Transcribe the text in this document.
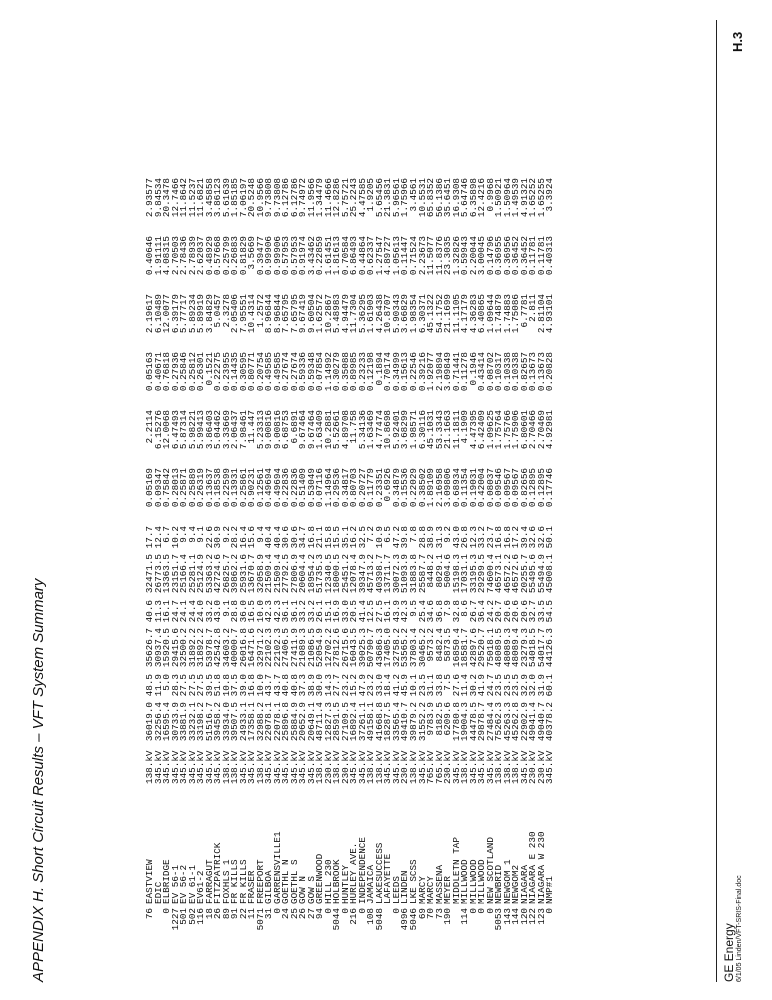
APPENDIX H. Short Circuit Results – VFT System Summary	76
EASTVIEW
138.kV
36019.0
48.5
35626.7
40.6
32471.5
17.7
0.05169
2.2114
0.05163
2.19617
0.40646
2.93577
EDIC
345.kV
32256.4
11.9
30937.4
11.3
26773.5
12.4
0.09347
6.15276
0.40671
6.10489
1.91111
9.84534
0
ELBRIDGE
345.kV
16595.4
5.0
15920.5
16.1
13363.5
6.7
0.75842
12.0068
0.76818
12.0077
4.08315
20.3478
1227
EV 56-1
345.kV
30733.9
28.3
29415.6
24.7
23151.7
10.2
0.28013
6.47493
0.27936
6.39179
2.70503
12.7466
501
EV 56-2
345.kV
33881.9
27.5
32500.2
24.1
25166.4
9.4
0.25871
5.87314
0.25846
5.77717
2.78436
11.8642
502
EV 61-1
345.kV
33232.1
27.5
31892.2
24.4
25281.1
9.4
0.25889
5.98221
0.25812
5.89234
2.78939
11.5237
116
EV61-2
345.kV
33198.2
27.5
31892.2
24.0
25124.9
9.1
0.26319
5.99413
0.26301
5.89919
2.62037
11.6821
18
FARRAGUT
345.kV
51516.7
39.5
53978.7
33.2
53363.2
22.6
0.13637
3.86403
0.1521
3.84829
0.48929
3.45858
26
FITZPATRICK
345.kV
39458.2
51.8
42542.8
43.0
42724.6
30.9
0.18538
5.04462
0.22275
5.0457
0.57668
3.86123
89
FOXHLS 1
138.kV
33934.0
10.8
34603.2
9.1
26825.7
9.2
0.22599
3.33669
0.23955
2.3278
0.25799
5.61639
91
FR KILLS
138.kV
39507.5
37.5
40000.7
28.8
39862.2
28.2
0.13931
2.06437
0.14435
2.05406
0.26883
1.85185
22
FR KILLS
345.kV
24933.1
39.0
26016.8
36.0
25931.6
16.4
0.25861
7.98461
0.30595
7.95551
0.81829
7.06197
11
FRASER
345.kV
17358.1
16.8
16471.6
16.5
13670.7
15.6
0.90231
11.447
0.80771
10.4314
3.5669
20.5248
5071
FREEPORT
138.kV
32988.2
10.0
32971.2
10.0
32058.9
9.4
0.12561
5.23313
0.20754
1.2572
0.39477
10.9566
31
GILBOA
345.kV
22078.1
43.7
22102.3
42.3
21509.4
40.4
0.49694
9.00816
0.49585
8.96844
0.99906
9.73808
0
GARRENSVILLE1
345.kV
22078.1
43.7
22102.3
42.3
21509.4
40.4
0.49694
9.00816
0.49585
8.96844
0.99906
9.73808
24
GOETHL N
345.kV
25896.8
40.8
27406.5
36.1
27792.5
30.6
0.22836
6.68753
0.27674
7.65795
0.57953
6.12786
25
GOETHL S
345.kV
25884.9
40.8
27411.9
36.1
27806.9
30.6
0.22836
6.6891
0.27674
7.65795
0.57953
6.12786
26
GOW N
345.kV
20652.9
37.3
21089.3
33.2
20604.4
34.7
0.51409
9.67464
0.59336
9.67419
0.91974
9.74972
27
GOW S
345.kV
20649.1
38.9
21086.5
33.2
18954.2
16.8
0.53049
9.67464
0.59348
9.60504
3.43462
11.9566
94
GREENWOOD
138.kV
48711.4
30.0
52054.9
26.1
51735.3
21.1
0.07116
1.63409
0.07854
1.62572
0.22859
1.34479
0
HILL 230
230.kV
12827.3
14.3
12702.2
15.1
12340.5
15.8
1.14964
10.2881
1.14992
10.2867
1.61451
11.4666
5044
HOLBROOK
138.kV
28591.5
27.7
27812.6
16.9
18000.5
15.5
0.29536
5.52661
0.30279
5.48983
1.81613
12.8286
0
HUNTLEY
230.kV
27109.5
23.2
26715.6
33.0
25451.2
35.1
0.34817
4.89708
0.35088
4.94479
0.70584
5.75721
216
HURLEY AVE.
345.kV
16892.4
15.2
16043.5
20.5
12078.4
16.2
0.80703
11.758
0.89985
11.7304
6.86493
25.2243
0
INDEPENDENCE
345.kV
37261.1
47.9
39025.3
41.4
39347.9
32.5
0.20727
5.34136
0.23233
5.36295
0.44864
4.47585
108
JAMAICA
138.kV
49158.1
23.2
50790.7
12.5
45713.2
7.2
0.11779
1.63469
0.12198
1.61903
0.62337
1.9205
5048
LAKESUCCESS
138.kV
41668.8
33.0
43686.3
27.5
40398.7
10.9
0.23351
4.77474
0.1894
4.26438
1.27547
5.65456
LAFAYETTE
345.kV
18287.5
18.4
17405.0
16.1
13711.7
6.5
0.6926
10.8698
0.70174
10.8707
4.89727
21.3831
0
LEEDS
345.kV
33565.4
41.2
32758.2
43.9
30072.3
47.2
0.34879
5.92401
0.34999
5.90343
1.05613
5.96561
4996
LINDEN
230.kV
49410.7
45.9
53565.2
42.3
51093.9
39.8
0.15536
3.68299
0.15613
3.66829
0.11447
1.75966
5046
LKE SCSS
138.kV
39879.2
10.1
37803.4
9.5
31883.8
7.8
0.22029
1.98571
0.22546
1.98354
0.71524
3.4561
69
MARCY
345.kV
31552.2
23.5
30465.2
25.4
25587.7
28.8
0.38502
6.30116
0.39216
6.30371
2.23673
10.5531
70
MARCY
765.kV
9783.9
31.1
9573.2
34.6
8448.2
38.9
1.89109
45.1031
1.92077
45.1322
11.5077
65.8352
73
MASSENA
765.kV
8182.5
33.8
8482.4
36.8
8029.1
31.3
2.16958
53.3343
2.19894
54.1752
11.8376
56.1386
190
MEYER
230.kV
6209.6
7.5
5873.5
7.9
5004.6
9.2
3.09806
21.1663
3.09849
21.1699
23.3035
35.6451
MIDDLETN TAP
345.kV
17780.8
27.6
16850.4
32.8
15198.3
43.0
0.68934
11.1811
0.71441
11.1105
1.32826
16.9308
114
MILLWOOD
138.kV
19004.3
11.4
18581.7
8.6
17031.1
26.8
0.11354
4.1909
0.11278
4.17179
0.59943
5.64746
0
MILLWOOD
345.kV
44478.5
30.2
42897.6
26.7
33195.3
12.3
0.19031
4.47395
0.1946
4.36283
2.20044
6.35898
0
MILLWOOD
345.kV
29878.7
41.9
29520.7
36.4
29299.5
33.2
0.42004
6.42409
0.43414
6.40865
3.00045
12.4216
0
NEW SCOTLAND
345.kV
27484.4
24.7
75018.1
24.2
74600.4
23.7
0.08037
1.09625
0.08702
1.09644
0.14796
0.9968
5053
NEWBRID
138.kV
75262.3
23.5
48089.5
20.7
46573.1
16.8
0.09546
1.75764
0.10317
1.74879
0.36955
1.50921
143
NEWGOM 1
138.kV
45263.3
23.5
48089.3
20.6
46572.2
16.8
0.09567
1.75766
0.10338
1.74883
0.36956
1.50964
144
NEWGOM2
138.kV
45262.8
23.5
48089.4
20.6
46572.6
17.2
0.09567
1.75906
0.10338
1.75086
0.36452
1.49539
120
NIAGARA
345.kV
22902.9
32.9
23279.3
20.6
20255.7
39.4
0.82656
6.80601
0.82657
6.7781
0.36452
4.91321
122
NIAGARA E 230
230.kV
49041.4
32.0
54018.5
32.7
55495.6
32.6
0.12895
2.70466
0.13673
2.811
0.11781
1.65252
123
NIAGARA W 230
230.kV
49040.7
31.9
54017.7
33.5
55494.9
32.6
0.12895
2.70469
0.13673
2.81104
0.11781
1.65255
0
NMP#1
345.kV
40378.2
60.1
44126.3
54.5
45008.1
50.1
0.17746
4.92981
0.20828
4.93101
0.40313
3.3924
GE Energy 6/1/05 Linden/VFT-SRIS-Final.doc
H.3
